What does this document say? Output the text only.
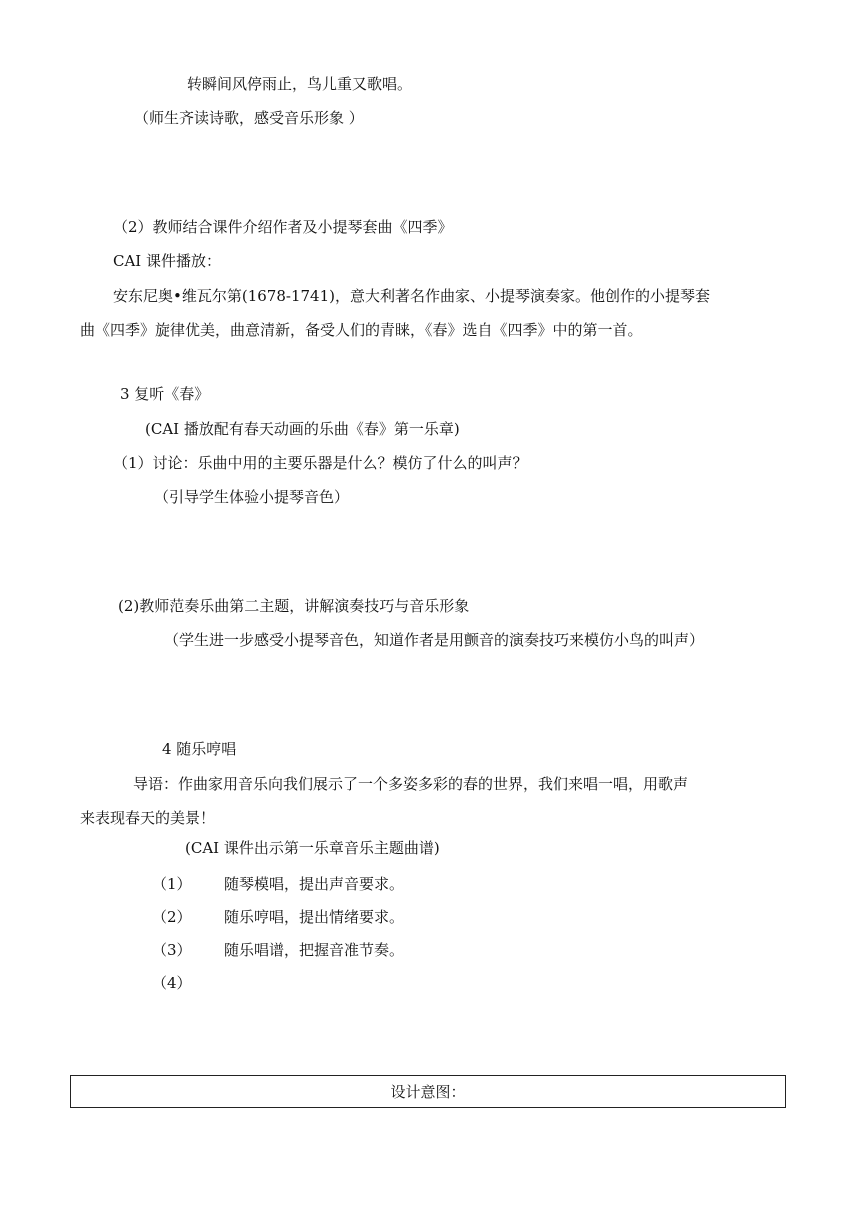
转瞬间风停雨止，鸟儿重又歌唱。

（师生齐读诗歌，感受音乐形象 ）

（2）教师结合课件介绍作者及小提琴套曲《四季》

CAI 课件播放：

安东尼奥•维瓦尔第(1678-1741)，意大利著名作曲家、小提琴演奏家。他创作的小提琴套

曲《四季》旋律优美，曲意清新，备受人们的青睐，《春》选自《四季》中的第一首。

3 复听《春》

(CAI 播放配有春天动画的乐曲《春》第一乐章)

（1）讨论：乐曲中用的主要乐器是什么？模仿了什么的叫声？

（引导学生体验小提琴音色）

(2)教师范奏乐曲第二主题，讲解演奏技巧与音乐形象

（学生进一步感受小提琴音色，知道作者是用颤音的演奏技巧来模仿小鸟的叫声）

4 随乐哼唱

导语：作曲家用音乐向我们展示了一个多姿多彩的春的世界，我们来唱一唱，用歌声

来表现春天的美景！

(CAI 课件出示第一乐章音乐主题曲谱)

（1） 随琴模唱，提出声音要求。

（2） 随乐哼唱，提出情绪要求。

（3） 随乐唱谱，把握音准节奏。

（4）

设计意图：
